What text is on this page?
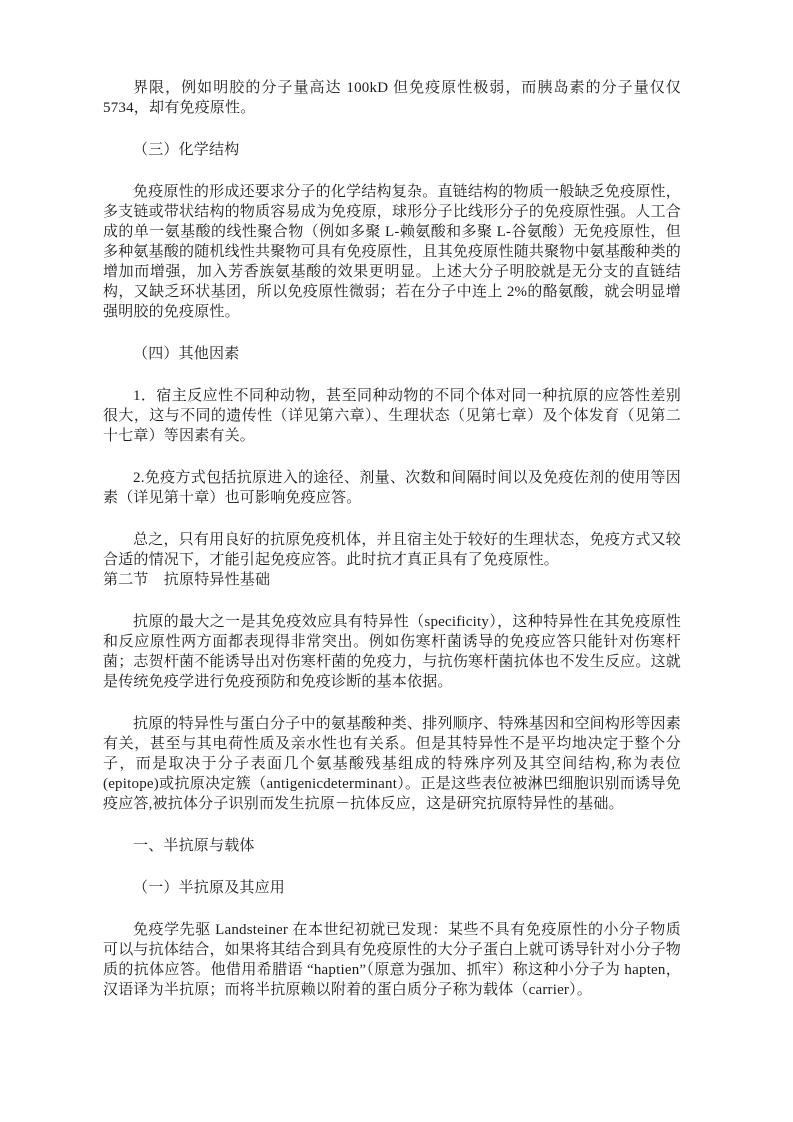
界限，例如明胶的分子量高达 100kD 但免疫原性极弱，而胰岛素的分子量仅仅 5734，却有免疫原性。

（三）化学结构

免疫原性的形成还要求分子的化学结构复杂。直链结构的物质一般缺乏免疫原性，多支链或带状结构的物质容易成为免疫原，球形分子比线形分子的免疫原性强。人工合成的单一氨基酸的线性聚合物（例如多聚 L-赖氨酸和多聚 L-谷氨酸）无免疫原性，但多种氨基酸的随机线性共聚物可具有免疫原性，且其免疫原性随共聚物中氨基酸种类的增加而增强，加入芳香族氨基酸的效果更明显。上述大分子明胶就是无分支的直链结构，又缺乏环状基团，所以免疫原性微弱；若在分子中连上 2%的酪氨酸，就会明显增强明胶的免疫原性。

（四）其他因素

1．宿主反应性不同种动物，甚至同种动物的不同个体对同一种抗原的应答性差别很大，这与不同的遗传性（详见第六章）、生理状态（见第七章）及个体发育（见第二十七章）等因素有关。

2.免疫方式包括抗原进入的途径、剂量、次数和间隔时间以及免疫佐剂的使用等因素（详见第十章）也可影响免疫应答。

总之，只有用良好的抗原免疫机体，并且宿主处于较好的生理状态，免疫方式又较合适的情况下，才能引起免疫应答。此时抗才真正具有了免疫原性。

第二节　抗原特异性基础

抗原的最大之一是其免疫效应具有特异性（specificity），这种特异性在其免疫原性和反应原性两方面都表现得非常突出。例如伤寒杆菌诱导的免疫应答只能针对伤寒杆菌；志贺杆菌不能诱导出对伤寒杆菌的免疫力，与抗伤寒杆菌抗体也不发生反应。这就是传统免疫学进行免疫预防和免疫诊断的基本依据。

抗原的特异性与蛋白分子中的氨基酸种类、排列顺序、特殊基因和空间构形等因素有关，甚至与其电荷性质及亲水性也有关系。但是其特异性不是平均地决定于整个分子，而是取决于分子表面几个氨基酸残基组成的特殊序列及其空间结构,称为表位(epitope)或抗原决定簇（antigenicdeterminant）。正是这些表位被淋巴细胞识别而诱导免疫应答,被抗体分子识别而发生抗原－抗体反应，这是研究抗原特异性的基础。

一、半抗原与载体

（一）半抗原及其应用

免疫学先驱 Landsteiner 在本世纪初就已发现：某些不具有免疫原性的小分子物质可以与抗体结合，如果将其结合到具有免疫原性的大分子蛋白上就可诱导针对小分子物质的抗体应答。他借用希腊语 “haptien”（原意为强加、抓牢）称这种小分子为 hapten，汉语译为半抗原；而将半抗原赖以附着的蛋白质分子称为载体（carrier）。
